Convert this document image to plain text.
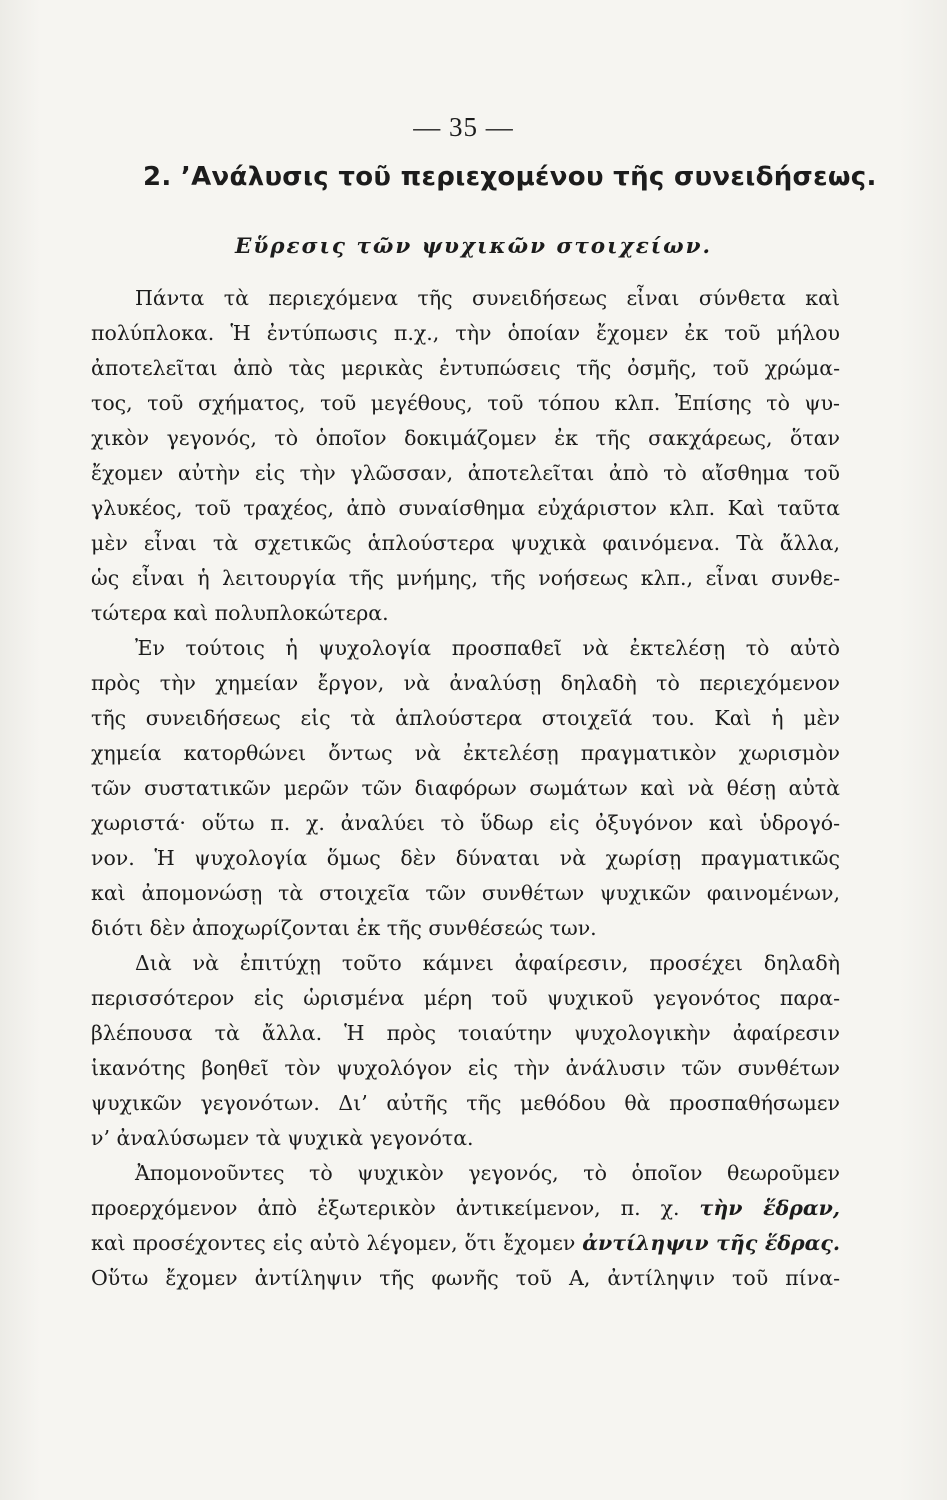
— 35 —
2. ’Ανάλυσις τοῦ περιεχομένου τῆς συνειδήσεως.
Εὕρεσις τῶν ψυχικῶν στοιχείων.
Πάντα τὰ περιεχόμενα τῆς συνειδήσεως εἶναι σύνθετα καὶ
πολύπλοκα. Ἡ ἐντύπωσις π.χ., τὴν ὁποίαν ἔχομεν ἐκ τοῦ μήλου
ἀποτελεῖται ἀπὸ τὰς μερικὰς ἐντυπώσεις τῆς ὀσμῆς, τοῦ χρώμα-
τος, τοῦ σχήματος, τοῦ μεγέθους, τοῦ τόπου κλπ. Ἐπίσης τὸ ψυ-
χικὸν γεγονός, τὸ ὁποῖον δοκιμάζομεν ἐκ τῆς σακχάρεως, ὅταν
ἔχομεν αὐτὴν εἰς τὴν γλῶσσαν, ἀποτελεῖται ἀπὸ τὸ αἴσθημα τοῦ
γλυκέος, τοῦ τραχέος, ἀπὸ συναίσθημα εὐχάριστον κλπ. Καὶ ταῦτα
μὲν εἶναι τὰ σχετικῶς ἁπλούστερα ψυχικὰ φαινόμενα. Τὰ ἄλλα,
ὡς εἶναι ἡ λειτουργία τῆς μνήμης, τῆς νοήσεως κλπ., εἶναι συνθε-
τώτερα καὶ πολυπλοκώτερα.
Ἐν τούτοις ἡ ψυχολογία προσπαθεῖ νὰ ἐκτελέσῃ τὸ αὐτὸ
πρὸς τὴν χημείαν ἔργον, νὰ ἀναλύσῃ δηλαδὴ τὸ περιεχόμενον
τῆς συνειδήσεως εἰς τὰ ἁπλούστερα στοιχεῖά του. Καὶ ἡ μὲν
χημεία κατορθώνει ὄντως νὰ ἐκτελέσῃ πραγματικὸν χωρισμὸν
τῶν συστατικῶν μερῶν τῶν διαφόρων σωμάτων καὶ νὰ θέσῃ αὐτὰ
χωριστά· οὕτω π. χ. ἀναλύει τὸ ὕδωρ εἰς ὀξυγόνον καὶ ὑδρογό-
νον. Ἡ ψυχολογία ὅμως δὲν δύναται νὰ χωρίσῃ πραγματικῶς
καὶ ἀπομονώσῃ τὰ στοιχεῖα τῶν συνθέτων ψυχικῶν φαινομένων,
διότι δὲν ἀποχωρίζονται ἐκ τῆς συνθέσεώς των.
Διὰ νὰ ἐπιτύχῃ τοῦτο κάμνει ἀφαίρεσιν, προσέχει δηλαδὴ
περισσότερον εἰς ὡρισμένα μέρη τοῦ ψυχικοῦ γεγονότος παρα-
βλέπουσα τὰ ἄλλα. Ἡ πρὸς τοιαύτην ψυχολογικὴν ἀφαίρεσιν
ἱκανότης βοηθεῖ τὸν ψυχολόγον εἰς τὴν ἀνάλυσιν τῶν συνθέτων
ψυχικῶν γεγονότων. Δι’ αὐτῆς τῆς μεθόδου θὰ προσπαθήσωμεν
ν’ ἀναλύσωμεν τὰ ψυχικὰ γεγονότα.
Ἀπομονοῦντες τὸ ψυχικὸν γεγονός, τὸ ὁποῖον θεωροῦμεν
προερχόμενον ἀπὸ ἐξωτερικὸν ἀντικείμενον, π. χ. τὴν ἕδραν,
καὶ προσέχοντες εἰς αὐτὸ λέγομεν, ὅτι ἔχομεν ἀντίληψιν τῆς ἕδρας.
Οὕτω ἔχομεν ἀντίληψιν τῆς φωνῆς τοῦ Α, ἀντίληψιν τοῦ πίνα-
